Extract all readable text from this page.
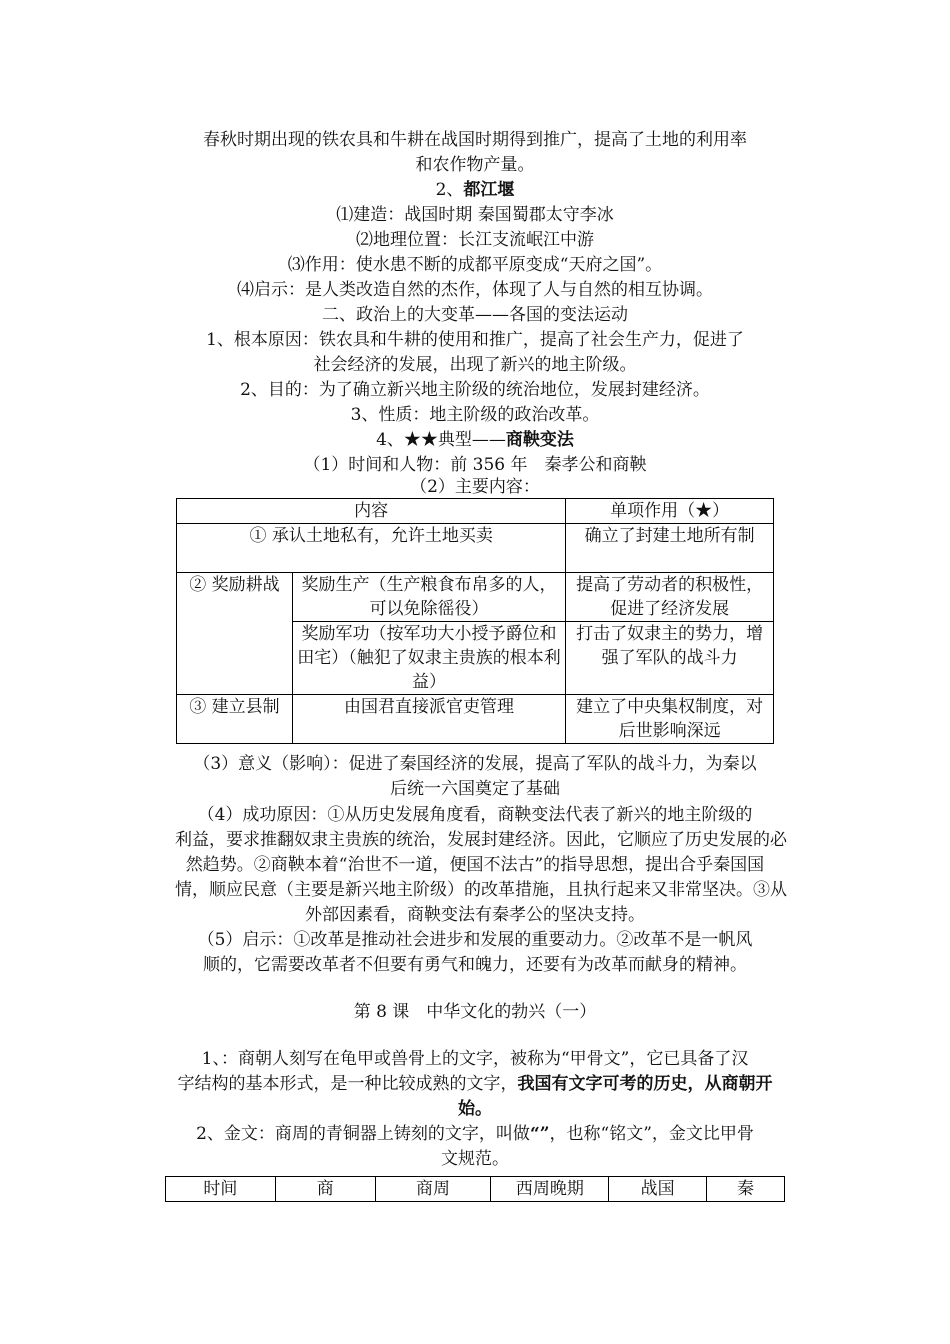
春秋时期出现的铁农具和牛耕在战国时期得到推广，提高了土地的利用率
和农作物产量。
2、都江堰
⑴建造：战国时期 秦国蜀郡太守李冰
⑵地理位置：长江支流岷江中游
⑶作用：使水患不断的成都平原变成“天府之国”。
⑷启示：是人类改造自然的杰作，体现了人与自然的相互协调。
二、政治上的大变革——各国的变法运动
1、根本原因：铁农具和牛耕的使用和推广，提高了社会生产力，促进了
社会经济的发展，出现了新兴的地主阶级。
2、目的：为了确立新兴地主阶级的统治地位，发展封建经济。
3、性质：地主阶级的政治改革。
4、★★典型——商鞅变法
（1）时间和人物：前 356 年　秦孝公和商鞅
（2）主要内容：
内容		单项作用（★）
① 承认土地私有，允许土地买卖		确立了封建土地所有制
② 奖励耕战	奖励生产（生产粮食布帛多的人，可以免除徭役）	提高了劳动者的积极性，促进了经济发展
	奖励军功（按军功大小授予爵位和田宅）（触犯了奴隶主贵族的根本利益）	打击了奴隶主的势力，增强了军队的战斗力
③ 建立县制	由国君直接派官吏管理	建立了中央集权制度，对后世影响深远
（3）意义（影响）：促进了秦国经济的发展，提高了军队的战斗力，为秦以
后统一六国奠定了基础
（4）成功原因：①从历史发展角度看，商鞅变法代表了新兴的地主阶级的
利益，要求推翻奴隶主贵族的统治，发展封建经济。因此，它顺应了历史发展的必
然趋势。②商鞅本着“治世不一道，便国不法古”的指导思想，提出合乎秦国国
情，顺应民意（主要是新兴地主阶级）的改革措施，且执行起来又非常坚决。③从
外部因素看，商鞅变法有秦孝公的坚决支持。
（5）启示：①改革是推动社会进步和发展的重要动力。②改革不是一帆风
顺的，它需要改革者不但要有勇气和魄力，还要有为改革而献身的精神。
第 8 课　中华文化的勃兴（一）
1、：商朝人刻写在龟甲或兽骨上的文字，被称为“甲骨文”，它已具备了汉
字结构的基本形式，是一种比较成熟的文字，我国有文字可考的历史，从商朝开
始。
2、金文：商周的青铜器上铸刻的文字，叫做“”，也称“铭文”，金文比甲骨
文规范。
时间	商	商周	西周晚期	战国	秦
